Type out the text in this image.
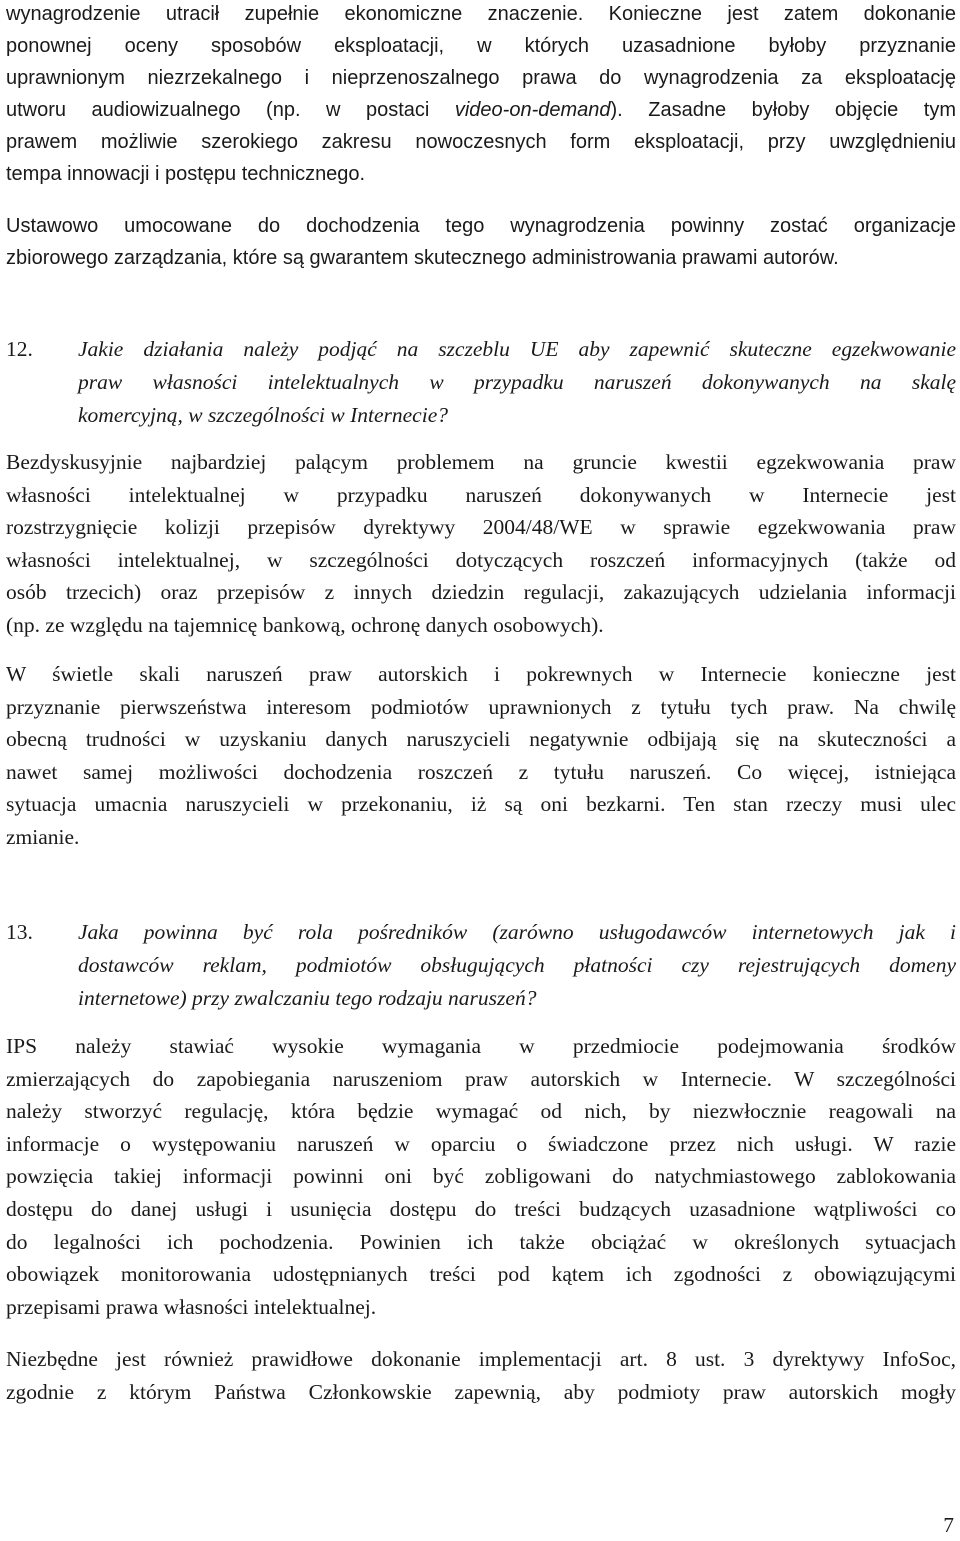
wynagrodzenie utracił zupełnie ekonomiczne znaczenie. Konieczne jest zatem dokonanie
ponownej oceny sposobów eksploatacji, w których uzasadnione byłoby przyznanie
uprawnionym niezrzekalnego i nieprzenoszalnego prawa do wynagrodzenia za eksploatację
utworu audiowizualnego (np. w postaci video-on-demand). Zasadne byłoby objęcie tym
prawem możliwie szerokiego zakresu nowoczesnych form eksploatacji, przy uwzględnieniu
tempa innowacji i postępu technicznego.

Ustawowo umocowane do dochodzenia tego wynagrodzenia powinny zostać organizacje
zbiorowego zarządzania, które są gwarantem skutecznego administrowania prawami autorów.

12. Jakie działania należy podjąć na szczeblu UE aby zapewnić skuteczne egzekwowanie
praw własności intelektualnych w przypadku naruszeń dokonywanych na skalę
komercyjną, w szczególności w Internecie?

Bezdyskusyjnie najbardziej palącym problemem na gruncie kwestii egzekwowania praw
własności intelektualnej w przypadku naruszeń dokonywanych w Internecie jest
rozstrzygnięcie kolizji przepisów dyrektywy 2004/48/WE w sprawie egzekwowania praw
własności intelektualnej, w szczególności dotyczących roszczeń informacyjnych (także od
osób trzecich) oraz przepisów z innych dziedzin regulacji, zakazujących udzielania informacji
(np. ze względu na tajemnicę bankową, ochronę danych osobowych).

W świetle skali naruszeń praw autorskich i pokrewnych w Internecie konieczne jest
przyznanie pierwszeństwa interesom podmiotów uprawnionych z tytułu tych praw. Na chwilę
obecną trudności w uzyskaniu danych naruszycieli negatywnie odbijają się na skuteczności a
nawet samej możliwości dochodzenia roszczeń z tytułu naruszeń. Co więcej, istniejąca
sytuacja umacnia naruszycieli w przekonaniu, iż są oni bezkarni. Ten stan rzeczy musi ulec
zmianie.

13. Jaka powinna być rola pośredników (zarówno usługodawców internetowych jak i
dostawców reklam, podmiotów obsługujących płatności czy rejestrujących domeny
internetowe) przy zwalczaniu tego rodzaju naruszeń?

IPS należy stawiać wysokie wymagania w przedmiocie podejmowania środków
zmierzających do zapobiegania naruszeniom praw autorskich w Internecie. W szczególności
należy stworzyć regulację, która będzie wymagać od nich, by niezwłocznie reagowali na
informacje o występowaniu naruszeń w oparciu o świadczone przez nich usługi. W razie
powzięcia takiej informacji powinni oni być zobligowani do natychmiastowego zablokowania
dostępu do danej usługi i usunięcia dostępu do treści budzących uzasadnione wątpliwości co
do legalności ich pochodzenia. Powinien ich także obciążać w określonych sytuacjach
obowiązek monitorowania udostępnianych treści pod kątem ich zgodności z obowiązującymi
przepisami prawa własności intelektualnej.

Niezbędne jest również prawidłowe dokonanie implementacji art. 8 ust. 3 dyrektywy InfoSoc,
zgodnie z którym Państwa Członkowskie zapewnią, aby podmioty praw autorskich mogły

7
